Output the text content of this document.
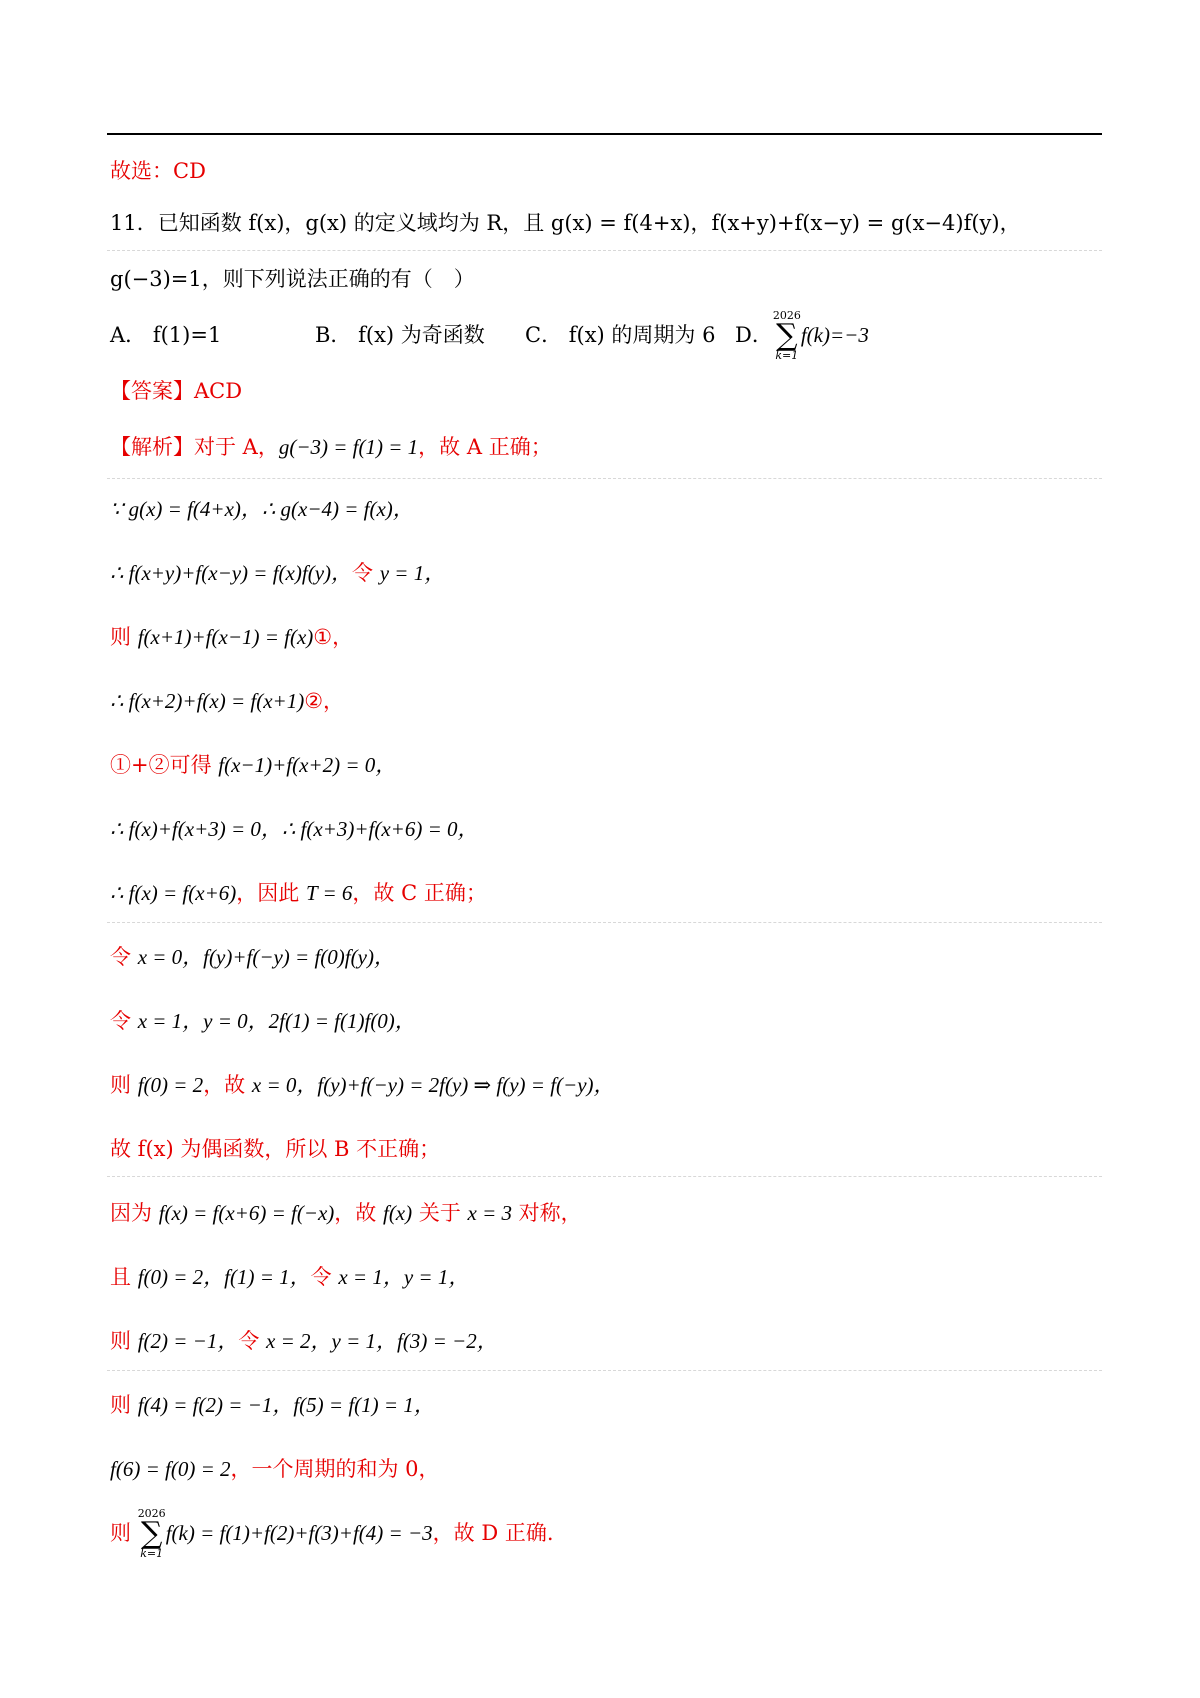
故选：CD
11．已知函数 f(x)，g(x) 的定义域均为 R，且 g(x) = f(4+x)，f(x+y)+f(x−y) = g(x−4)f(y)，
g(−3)=1，则下列说法正确的有（　）
A． f(1)=1	B． f(x) 为奇函数 C． f(x) 的周期为 6 D．
2026
∑
k=1
f(k)=−3
【答案】ACD
【解析】对于 A，g(−3) = f(1) = 1，故 A 正确；
∵ g(x) = f(4+x)，∴ g(x−4) = f(x)，
∴ f(x+y)+f(x−y) = f(x)f(y)，令 y = 1，
则 f(x+1)+f(x−1) = f(x)①，
∴ f(x+2)+f(x) = f(x+1)②，
①+②可得 f(x−1)+f(x+2) = 0，
∴ f(x)+f(x+3) = 0，∴ f(x+3)+f(x+6) = 0，
∴ f(x) = f(x+6)，因此 T = 6，故 C 正确；
令 x = 0，f(y)+f(−y) = f(0)f(y)，
令 x = 1，y = 0，2f(1) = f(1)f(0)，
则 f(0) = 2，故 x = 0，f(y)+f(−y) = 2f(y) ⇒ f(y) = f(−y)，
故 f(x) 为偶函数，所以 B 不正确；
因为 f(x) = f(x+6) = f(−x)，故 f(x) 关于 x = 3 对称，
且 f(0) = 2，f(1) = 1，令 x = 1，y = 1，
则 f(2) = −1，令 x = 2，y = 1，f(3) = −2，
则 f(4) = f(2) = −1，f(5) = f(1) = 1，
f(6) = f(0) = 2，一个周期的和为 0，
则
2026
∑
k=1
f(k) = f(1)+f(2)+f(3)+f(4) = −3，故 D 正确.
